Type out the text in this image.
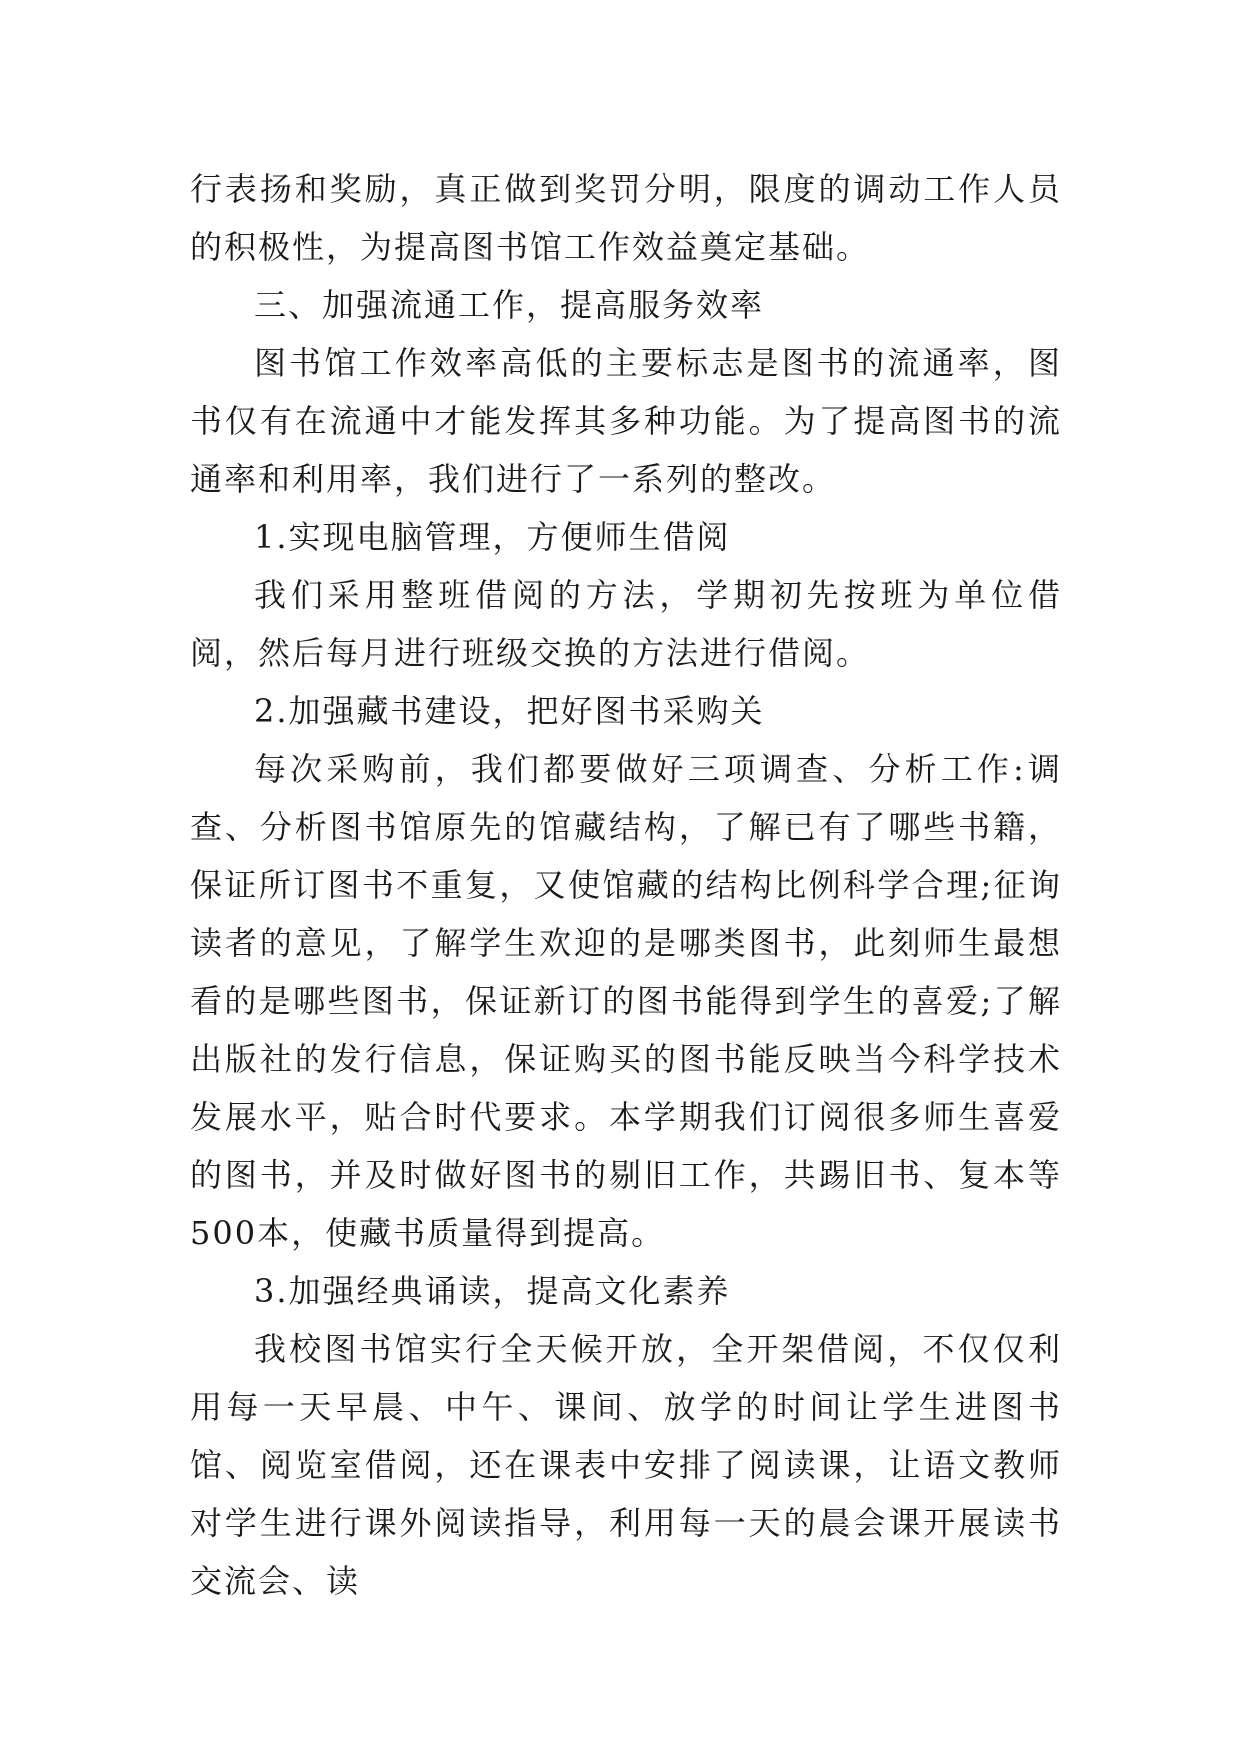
行表扬和奖励，真正做到奖罚分明，限度的调动工作人员的积极性，为提高图书馆工作效益奠定基础。

三、加强流通工作，提高服务效率

图书馆工作效率高低的主要标志是图书的流通率，图书仅有在流通中才能发挥其多种功能。为了提高图书的流通率和利用率，我们进行了一系列的整改。

1.实现电脑管理，方便师生借阅

我们采用整班借阅的方法，学期初先按班为单位借阅，然后每月进行班级交换的方法进行借阅。

2.加强藏书建设，把好图书采购关

每次采购前，我们都要做好三项调查、分析工作:调查、分析图书馆原先的馆藏结构，了解已有了哪些书籍，保证所订图书不重复，又使馆藏的结构比例科学合理;征询读者的意见，了解学生欢迎的是哪类图书，此刻师生最想看的是哪些图书，保证新订的图书能得到学生的喜爱;了解出版社的发行信息，保证购买的图书能反映当今科学技术发展水平，贴合时代要求。本学期我们订阅很多师生喜爱的图书，并及时做好图书的剔旧工作，共踢旧书、复本等500本，使藏书质量得到提高。

3.加强经典诵读，提高文化素养

我校图书馆实行全天候开放，全开架借阅，不仅仅利用每一天早晨、中午、课间、放学的时间让学生进图书馆、阅览室借阅，还在课表中安排了阅读课，让语文教师对学生进行课外阅读指导，利用每一天的晨会课开展读书交流会、读
